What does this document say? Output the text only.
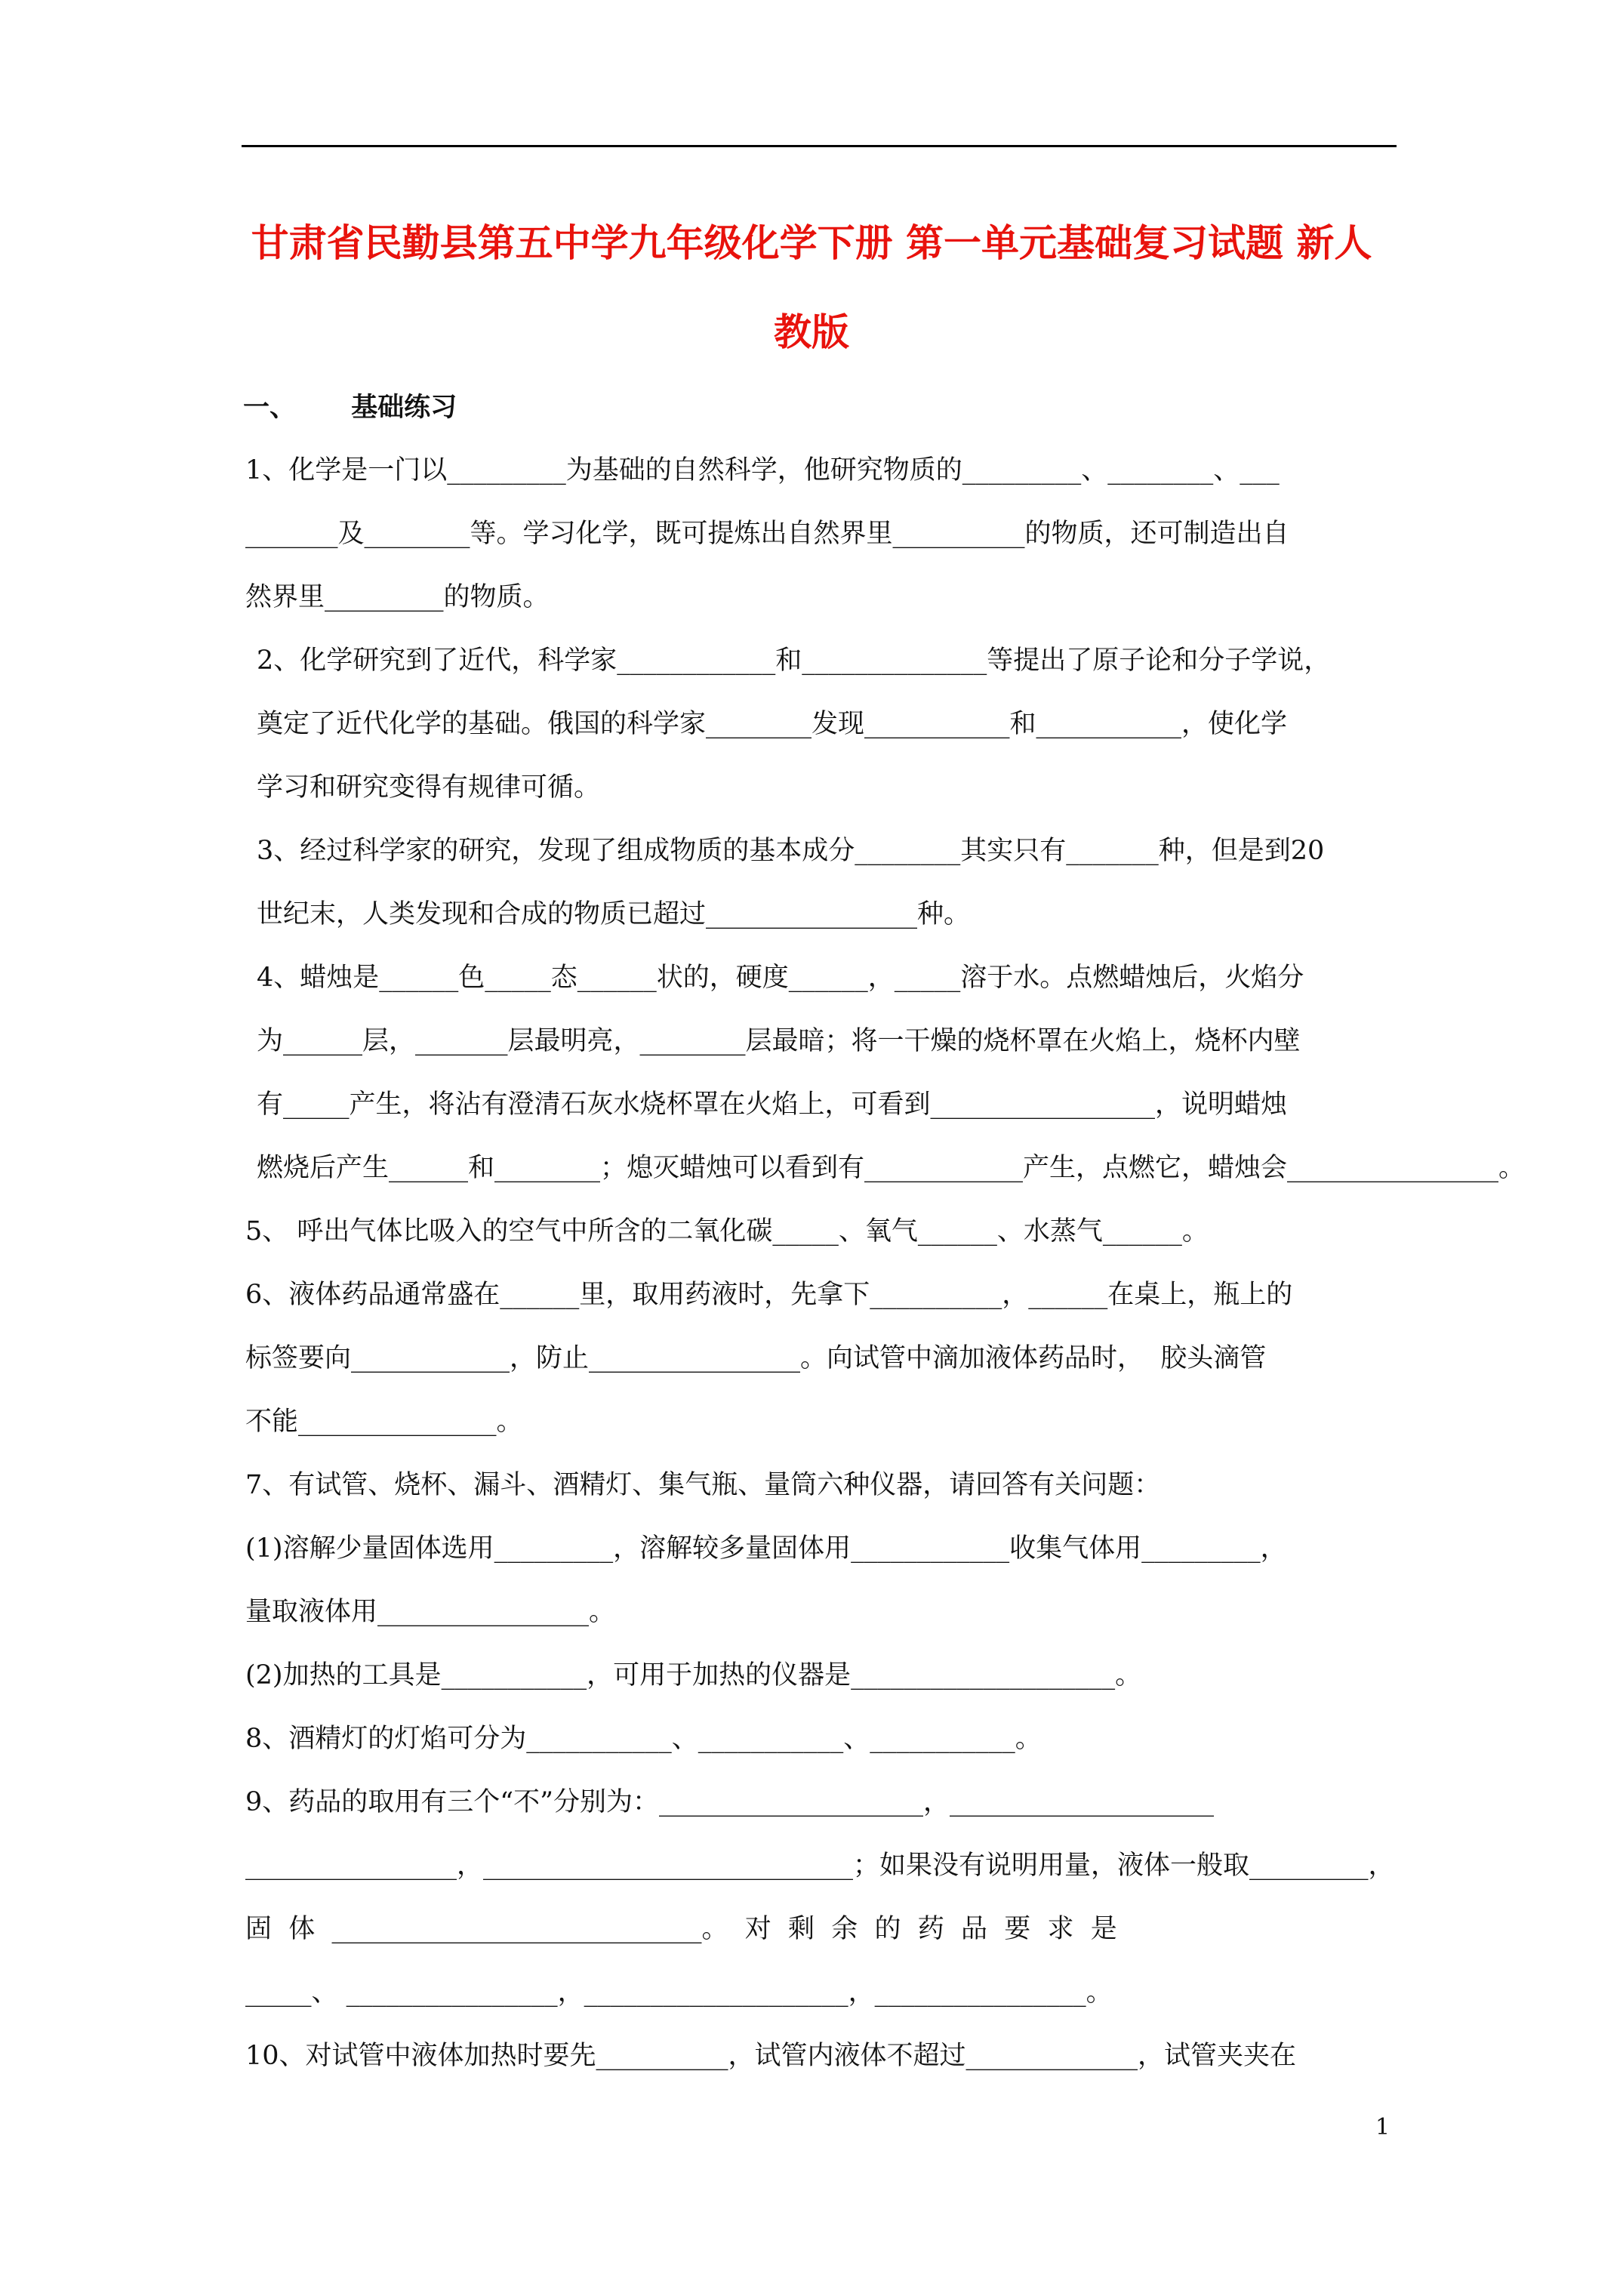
甘肃省民勤县第五中学九年级化学下册 第一单元基础复习试题 新人
教版
一、      基础练习
1、化学是一门以_________为基础的自然科学，他研究物质的_________、________、___
_______及________等。学习化学，既可提炼出自然界里__________的物质，还可制造出自
然界里_________的物质。
2、化学研究到了近代，科学家____________和______________等提出了原子论和分子学说，
奠定了近代化学的基础。俄国的科学家________发现___________和___________，使化学
学习和研究变得有规律可循。
3、经过科学家的研究，发现了组成物质的基本成分________其实只有_______种，但是到20
世纪末，人类发现和合成的物质已超过________________种。
4、蜡烛是______色_____态______状的，硬度______，_____溶于水。点燃蜡烛后，火焰分
为______层，_______层最明亮，________层最暗；将一干燥的烧杯罩在火焰上，烧杯内壁
有_____产生，将沾有澄清石灰水烧杯罩在火焰上，可看到_________________，说明蜡烛
燃烧后产生______和________；熄灭蜡烛可以看到有____________产生，点燃它，蜡烛会________________。
5、 呼出气体比吸入的空气中所含的二氧化碳_____、氧气______、水蒸气______。
6、液体药品通常盛在______里，取用药液时，先拿下__________，______在桌上，瓶上的
标签要向____________，防止________________。向试管中滴加液体药品时，  胶头滴管
不能_______________。
7、有试管、烧杯、漏斗、酒精灯、集气瓶、量筒六种仪器，请回答有关问题：
(1)溶解少量固体选用_________，溶解较多量固体用____________收集气体用_________，
量取液体用________________。
(2)加热的工具是___________，可用于加热的仪器是____________________。
8、酒精灯的灯焰可分为___________、___________、___________。
9、药品的取用有三个“不”分别为：____________________，____________________
________________，____________________________；如果没有说明用量，液体一般取_________，
固  体  ____________________________。  对  剩  余  的  药  品  要  求  是
_____、 ________________，____________________，________________。
10、对试管中液体加热时要先__________，试管内液体不超过_____________，试管夹夹在
1
